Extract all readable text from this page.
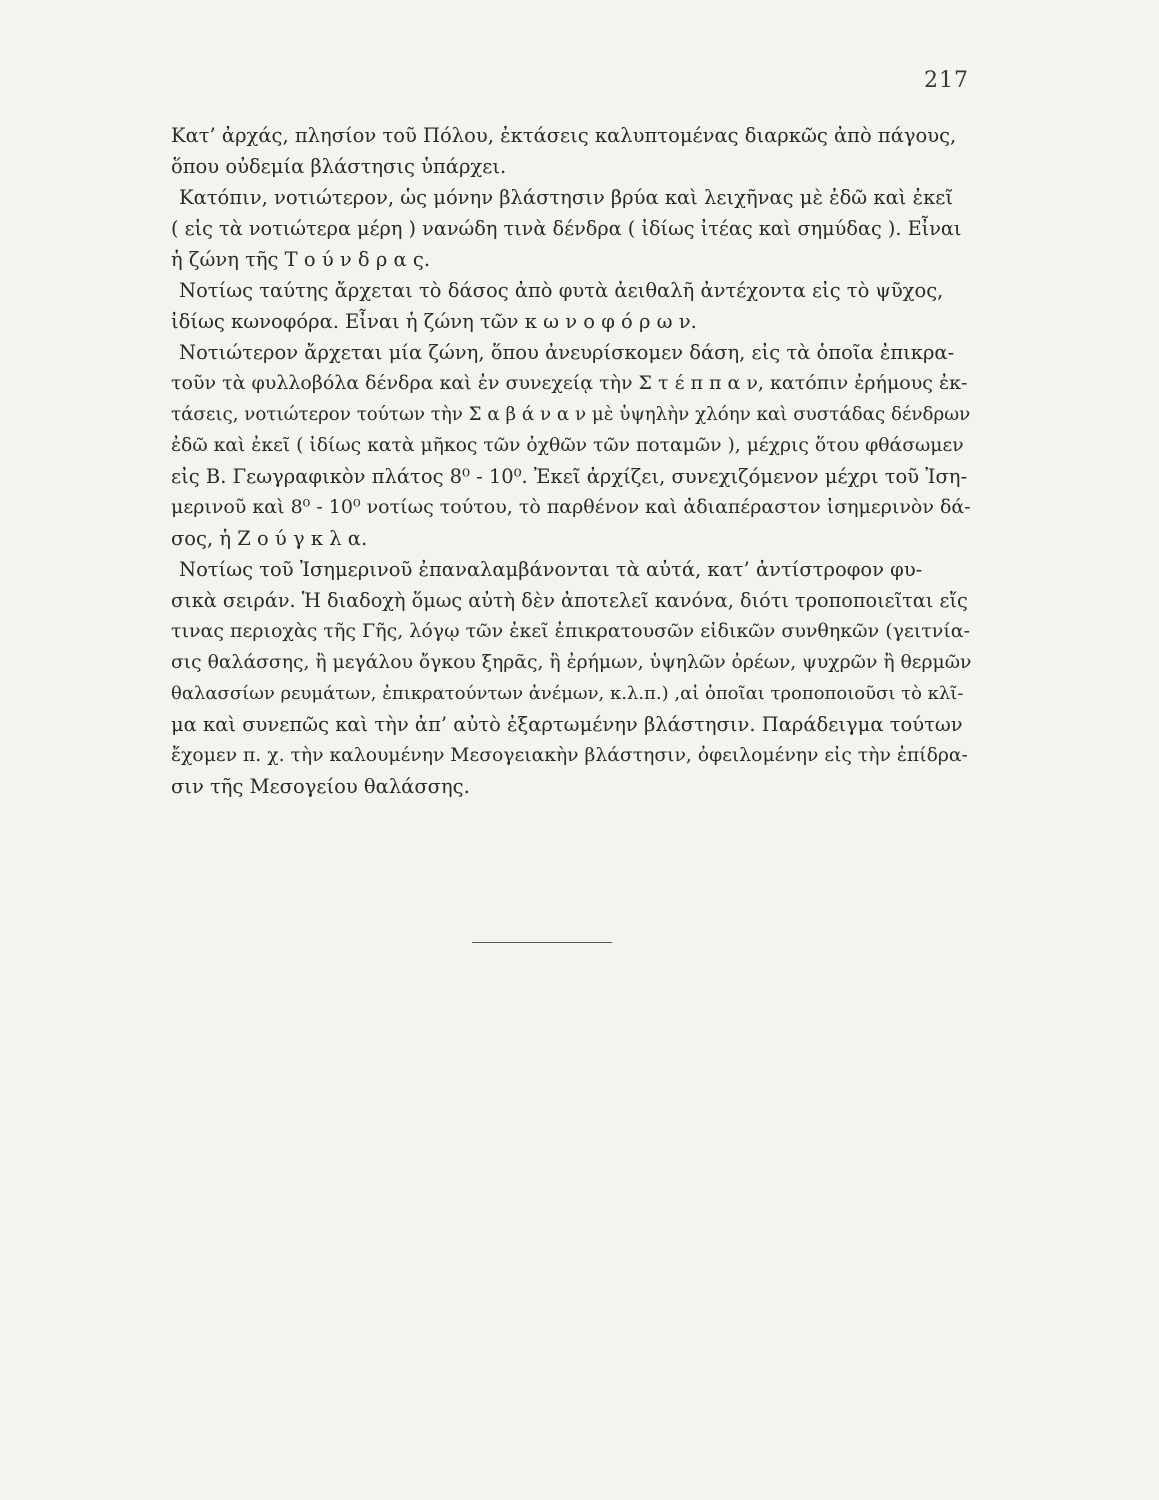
217

Κατ’ ἀρχάς, πλησίον τοῦ Πόλου, ἐκτάσεις καλυπτομένας διαρκῶς ἀπὸ πάγους,
ὅπου οὐδεμία βλάστησις ὑπάρχει.

Κατόπιν, νοτιώτερον, ὡς μόνην βλάστησιν βρύα καὶ λειχῆνας μὲ ἐδῶ καὶ ἐκεῖ
( εἰς τὰ νοτιώτερα μέρη ) νανώδη τινὰ δένδρα ( ἰδίως ἰτέας καὶ σημύδας ). Εἶναι
ἡ ζώνη τῆς Τ ο ύ ν δ ρ α ς.

Νοτίως ταύτης ἄρχεται τὸ δάσος ἀπὸ φυτὰ ἀειθαλῆ ἀντέχοντα εἰς τὸ ψῦχος,
ἰδίως κωνοφόρα. Εἶναι ἡ ζώνη τῶν κ ω ν ο φ ό ρ ω ν.

Νοτιώτερον ἄρχεται μία ζώνη, ὅπου ἀνευρίσκομεν δάση, εἰς τὰ ὁποῖα ἐπικρα-
τοῦν τὰ φυλλοβόλα δένδρα καὶ ἐν συνεχείᾳ τὴν Σ τ έ π π α ν, κατόπιν ἐρήμους ἐκ-
τάσεις, νοτιώτερον τούτων τὴν Σ α β ά ν α ν μὲ ὑψηλὴν χλόην καὶ συστάδας δένδρων
ἐδῶ καὶ ἐκεῖ ( ἰδίως κατὰ μῆκος τῶν ὀχθῶν τῶν ποταμῶν ), μέχρις ὅτου φθάσωμεν
εἰς Β. Γεωγραφικὸν πλάτος 8⁰ - 10⁰. Ἐκεῖ ἀρχίζει, συνεχιζόμενον μέχρι τοῦ Ἰση-
μερινοῦ καὶ 8⁰ - 10⁰ νοτίως τούτου, τὸ παρθένον καὶ ἀδιαπέραστον ἰσημερινὸν δά-
σος, ἡ Ζ ο ύ γ κ λ α.

Νοτίως τοῦ Ἰσημερινοῦ ἐπαναλαμβάνονται τὰ αὐτά, κατ’ ἀντίστροφον φυ-
σικὰ σειράν. Ἡ διαδοχὴ ὅμως αὐτὴ δὲν ἀποτελεῖ κανόνα, διότι τροποποιεῖται εἴς
τινας περιοχὰς τῆς Γῆς, λόγῳ τῶν ἐκεῖ ἐπικρατουσῶν εἰδικῶν συνθηκῶν (γειτνία-
σις θαλάσσης, ἢ μεγάλου ὄγκου ξηρᾶς, ἢ ἐρήμων, ὑψηλῶν ὀρέων, ψυχρῶν ἢ θερμῶν
θαλασσίων ρευμάτων, ἐπικρατούντων ἀνέμων, κ.λ.π.) ,αἱ ὁποῖαι τροποποιοῦσι τὸ κλῖ-
μα καὶ συνεπῶς καὶ τὴν ἀπ’ αὐτὸ ἐξαρτωμένην βλάστησιν. Παράδειγμα τούτων
ἔχομεν π. χ. τὴν καλουμένην Μεσογειακὴν βλάστησιν, ὀφειλομένην εἰς τὴν ἐπίδρα-
σιν τῆς Μεσογείου θαλάσσης.
